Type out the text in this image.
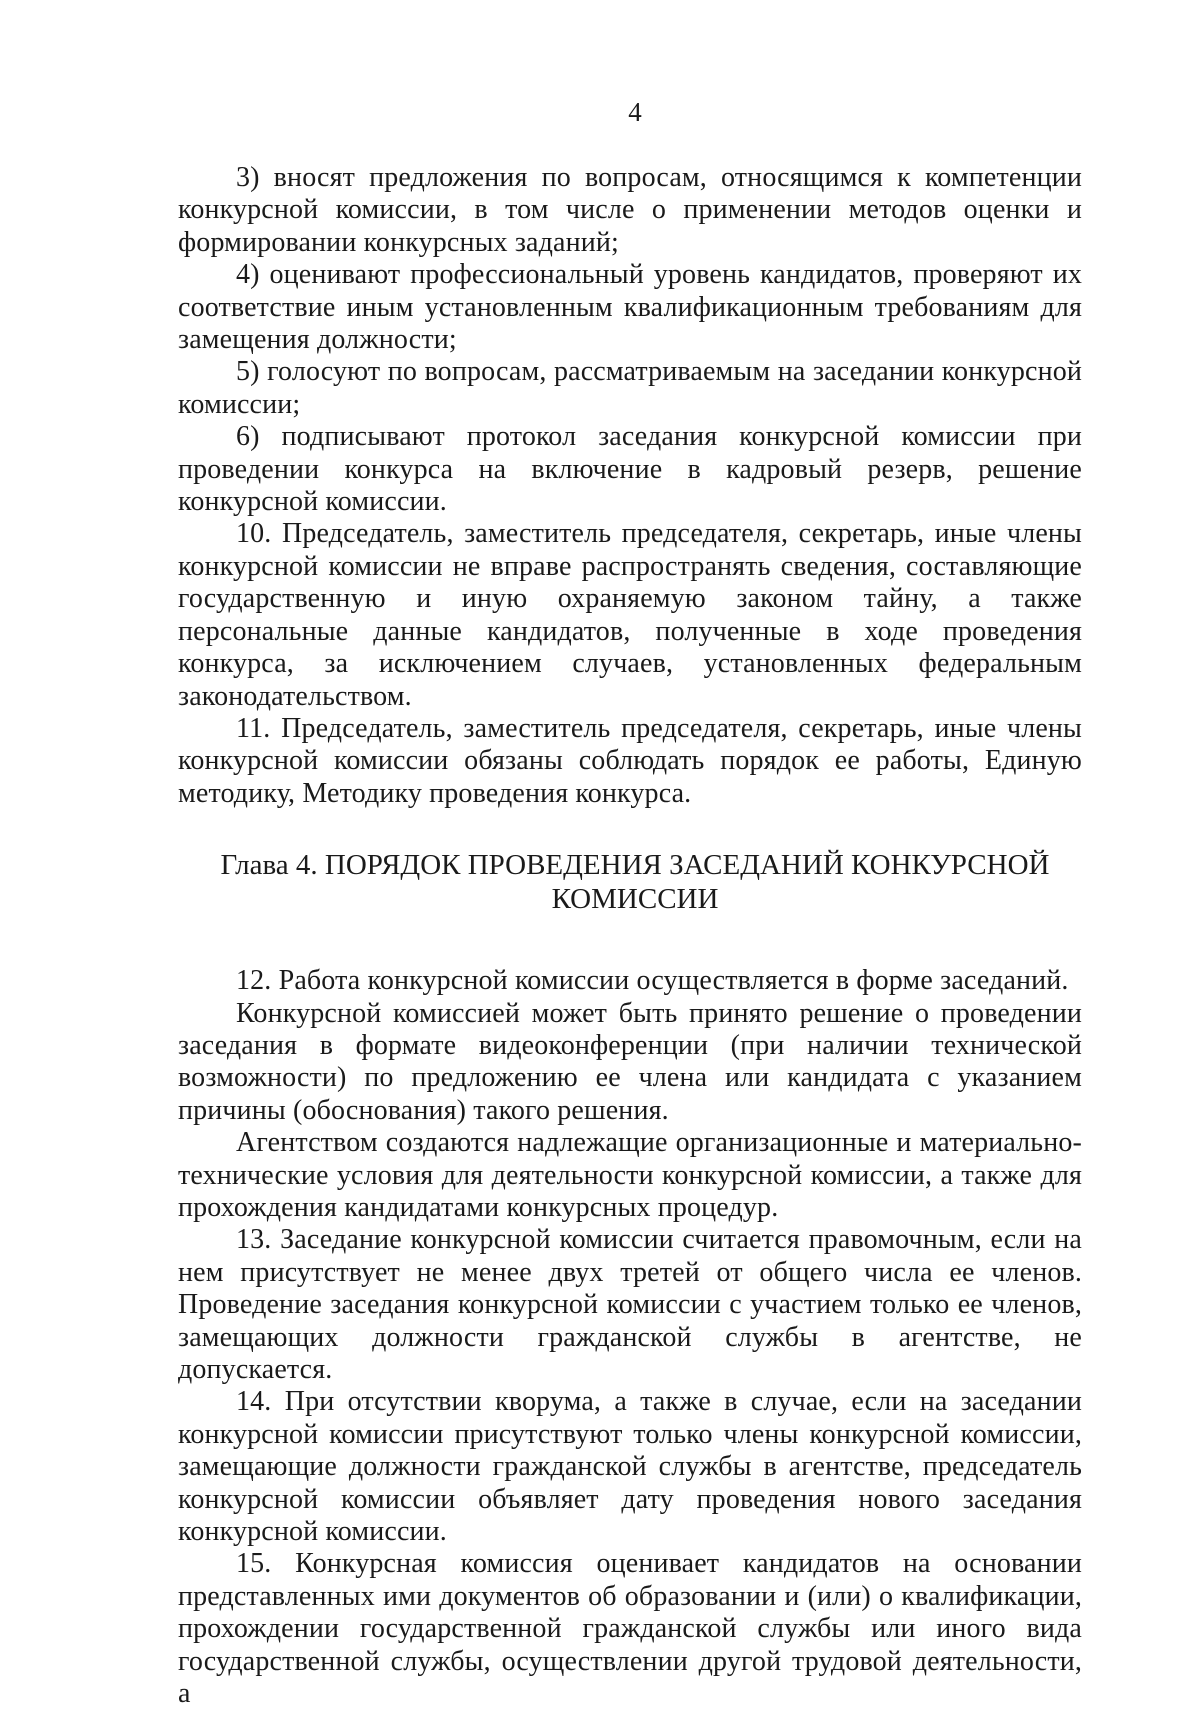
4

3) вносят предложения по вопросам, относящимся к компетенции конкурсной комиссии, в том числе о применении методов оценки и формировании конкурсных заданий;

4) оценивают профессиональный уровень кандидатов, проверяют их соответствие иным установленным квалификационным требованиям для замещения должности;

5) голосуют по вопросам, рассматриваемым на заседании конкурсной комиссии;

6) подписывают протокол заседания конкурсной комиссии при проведении конкурса на включение в кадровый резерв, решение конкурсной комиссии.

10. Председатель, заместитель председателя, секретарь, иные члены конкурсной комиссии не вправе распространять сведения, составляющие государственную и иную охраняемую законом тайну, а также персональные данные кандидатов, полученные в ходе проведения конкурса, за исключением случаев, установленных федеральным законодательством.

11. Председатель, заместитель председателя, секретарь, иные члены конкурсной комиссии обязаны соблюдать порядок ее работы, Единую методику, Методику проведения конкурса.

Глава 4. ПОРЯДОК ПРОВЕДЕНИЯ ЗАСЕДАНИЙ КОНКУРСНОЙ
КОМИССИИ

12. Работа конкурсной комиссии осуществляется в форме заседаний.

Конкурсной комиссией может быть принято решение о проведении заседания в формате видеоконференции (при наличии технической возможности) по предложению ее члена или кандидата с указанием причины (обоснования) такого решения.

Агентством создаются надлежащие организационные и материально-технические условия для деятельности конкурсной комиссии, а также для прохождения кандидатами конкурсных процедур.

13. Заседание конкурсной комиссии считается правомочным, если на нем присутствует не менее двух третей от общего числа ее членов. Проведение заседания конкурсной комиссии с участием только ее членов, замещающих должности гражданской службы в агентстве, не допускается.

14. При отсутствии кворума, а также в случае, если на заседании конкурсной комиссии присутствуют только члены конкурсной комиссии, замещающие должности гражданской службы в агентстве, председатель конкурсной комиссии объявляет дату проведения нового заседания конкурсной комиссии.

15. Конкурсная комиссия оценивает кандидатов на основании представленных ими документов об образовании и (или) о квалификации, прохождении государственной гражданской службы или иного вида государственной службы, осуществлении другой трудовой деятельности, а
